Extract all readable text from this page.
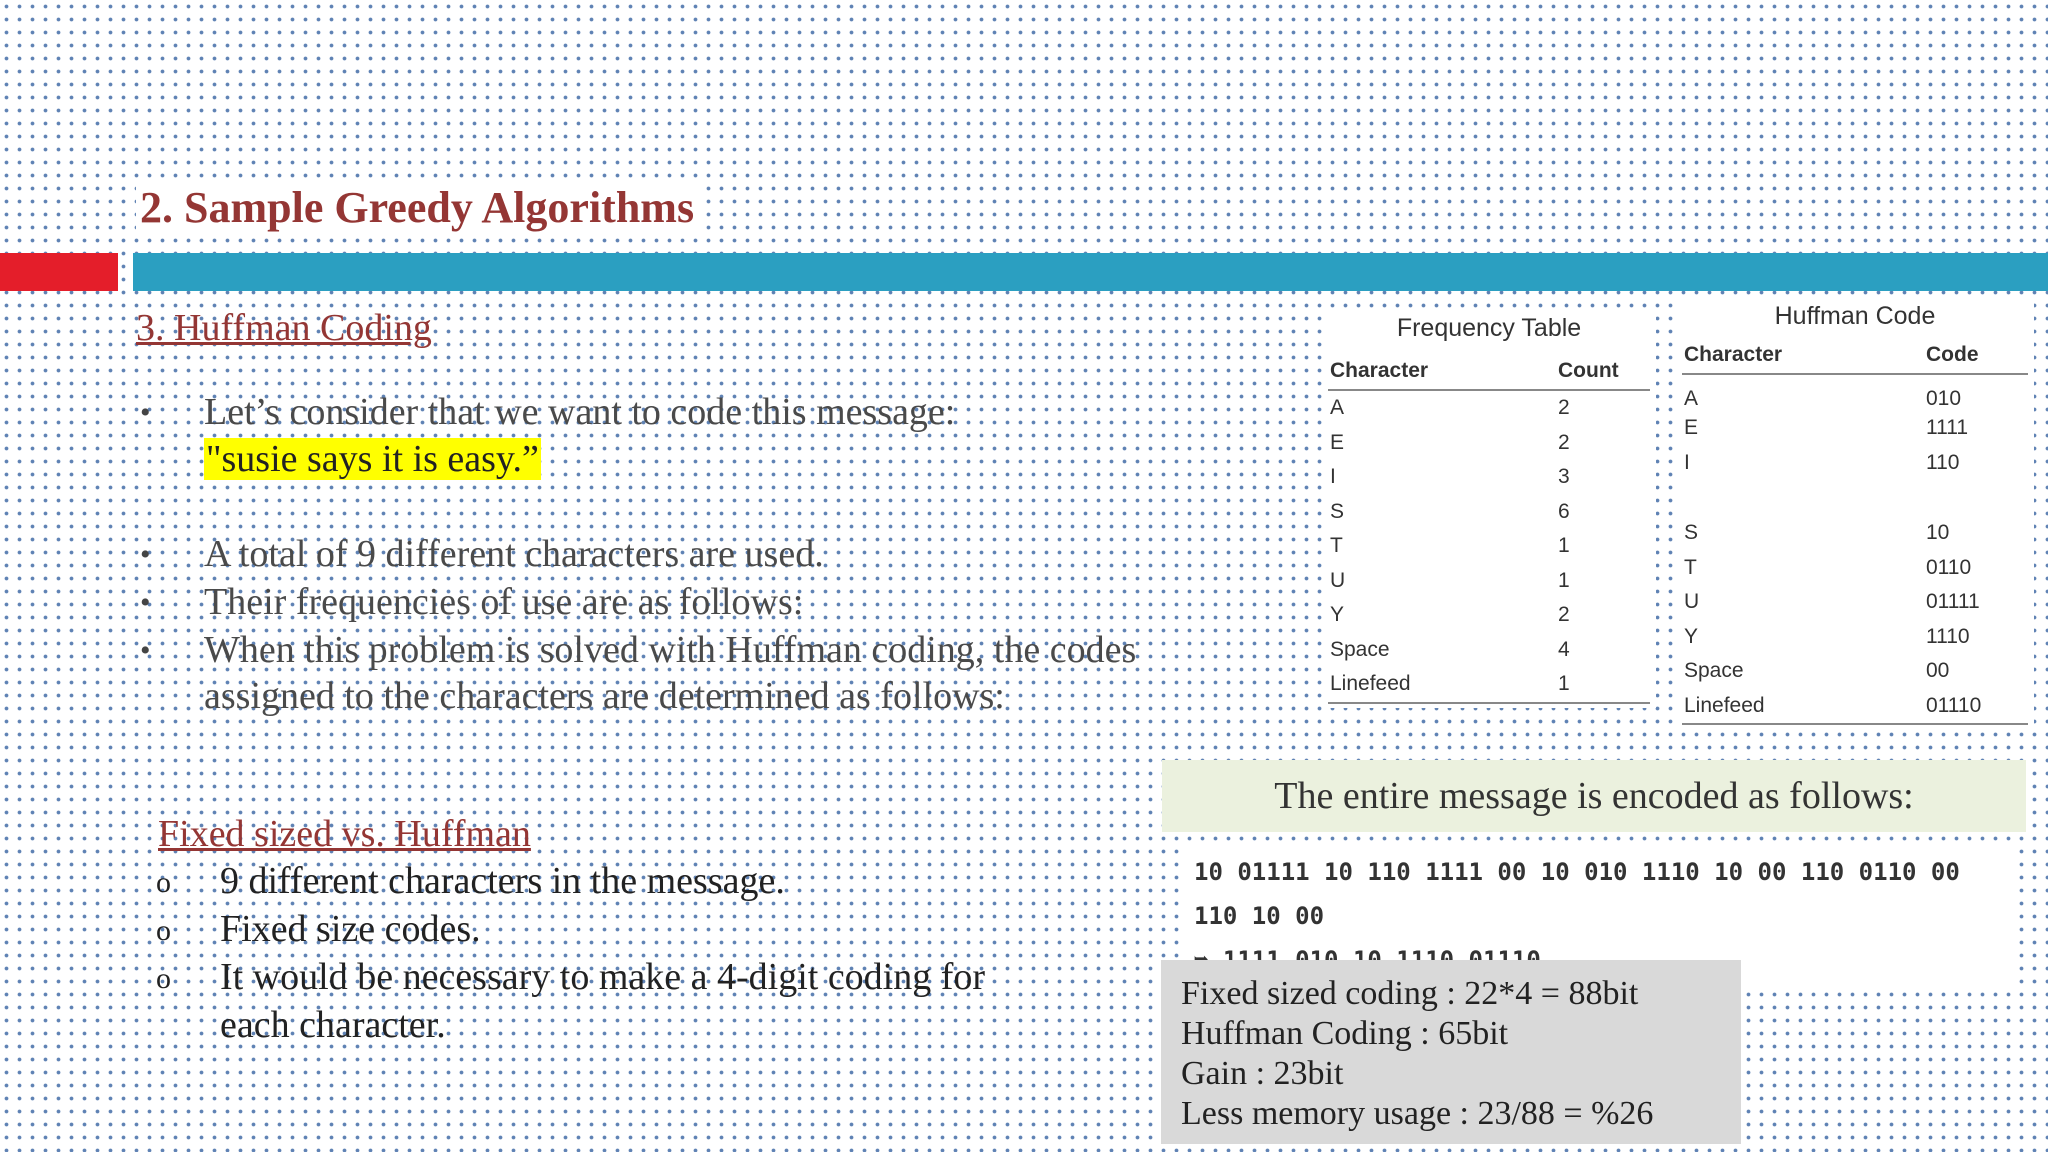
2. Sample Greedy Algorithms
3. Huffman Coding
• Let’s consider that we want to code this message:
"susie says it is easy.”
• A total of 9 different characters are used.
• Their frequencies of use are as follows:
• When this problem is solved with Huffman coding, the codes
assigned to the characters are determined as follows:
Frequency Table
Character	Count
A	2
E	2
I	3
S	6
T	1
U	1
Y	2
Space	4
Linefeed	1
Huffman Code
Character	Code
A	010
E	1111
I	110

S	10
T	0110
U	01111
Y	1110
Space	00
Linefeed	01110
The entire message is encoded as follows:
10 01111 10 110 1111 00 10 010 1110 10 00 110 0110 00 110 10 00
Fixed sized vs. Huffman
o 9 different characters in the message.
o Fixed size codes.
o It would be necessary to make a 4-digit coding for
each character.
Fixed sized coding : 22*4 = 88bit
Huffman Coding : 65bit
Gain : 23bit
Less memory usage : 23/88 = %26
